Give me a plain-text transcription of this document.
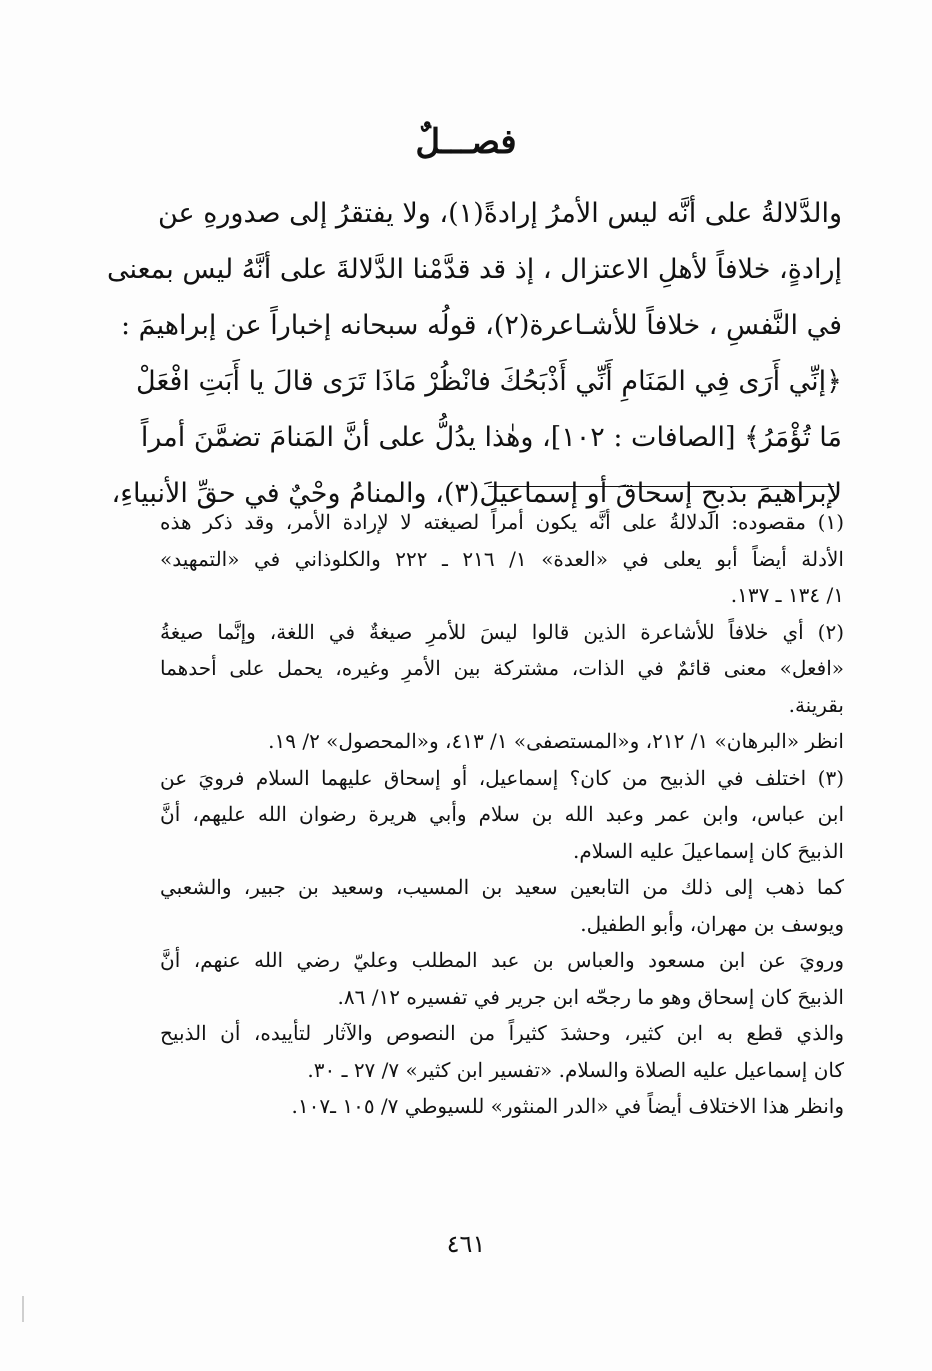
فصـــلٌ
والدَّلالةُ على أنَّه ليس الأمرُ إرادةً(١)، ولا يفتقرُ إلى صدورهِ عن
إرادةٍ، خلافاً لأهلِ الاعتزال ، إذ قد قدَّمْنا الدَّلالةَ على أنَّهُ ليس بمعنى
في النَّفسِ ، خلافاً للأشـاعرة(٢)، قولُه سبحانه إخباراً عن إبراهيمَ :
﴿إنِّي أَرَى فِي المَنَامِ أَنِّي أَذْبَحُكَ فانْظُرْ مَاذَا تَرَى قالَ يا أَبَتِ افْعَلْ
مَا تُؤْمَرُ﴾ [الصافات : ١٠٢]، وهٰذا يدُلُّ على أنَّ المَنامَ تضمَّنَ أمراً
لإبراهيمَ بذبحِ إسحاقَ أو إسماعيلَ(٣)، والمنامُ وحْيٌ في حقِّ الأنبياءِ،
(١) مقصوده: الدلالةُ على أنَّه يكون أمراً لصيغته لا لإرادة الأمر، وقد ذكر هذه
الأدلة أيضاً أبو يعلى في «العدة» ١/ ٢١٦ ـ ٢٢٢ والكلوذاني في «التمهيد»
١/ ١٣٤ ـ ١٣٧.
(٢) أي خلافاً للأشاعرة الذين قالوا ليسَ للأمرِ صيغةٌ في اللغة، وإنَّما صيغةُ
«افعل» معنى قائمٌ في الذات، مشتركة بين الأمرِ وغيره، يحمل على أحدهما
بقرينة.
انظر «البرهان» ١/ ٢١٢، و«المستصفى» ١/ ٤١٣، و«المحصول» ٢/ ١٩.
(٣) اختلف في الذبيح من كان؟ إسماعيل، أو إسحاق عليهما السلام فرويَ عن
ابن عباس، وابن عمر وعبد الله بن سلام وأبي هريرة رضوان الله عليهم، أنَّ
الذبيحَ كان إسماعيلَ عليه السلام.
كما ذهب إلى ذلك من التابعين سعيد بن المسيب، وسعيد بن جبير، والشعبي
ويوسف بن مهران، وأبو الطفيل.
ورويَ عن ابن مسعود والعباس بن عبد المطلب وعليّ رضي الله عنهم، أنَّ
الذبيحَ كان إسحاق وهو ما رجحّه ابن جرير في تفسيره ١٢/ ٨٦.
والذي قطع به ابن كثير، وحشدَ كثيراً من النصوص والآثار لتأييده، أن الذبيح
كان إسماعيل عليه الصلاة والسلام. «تفسير ابن كثير» ٧/ ٢٧ ـ ٣٠.
وانظر هذا الاختلاف أيضاً في «الدر المنثور» للسيوطي ٧/ ١٠٥ ـ١٠٧.
٤٦١
